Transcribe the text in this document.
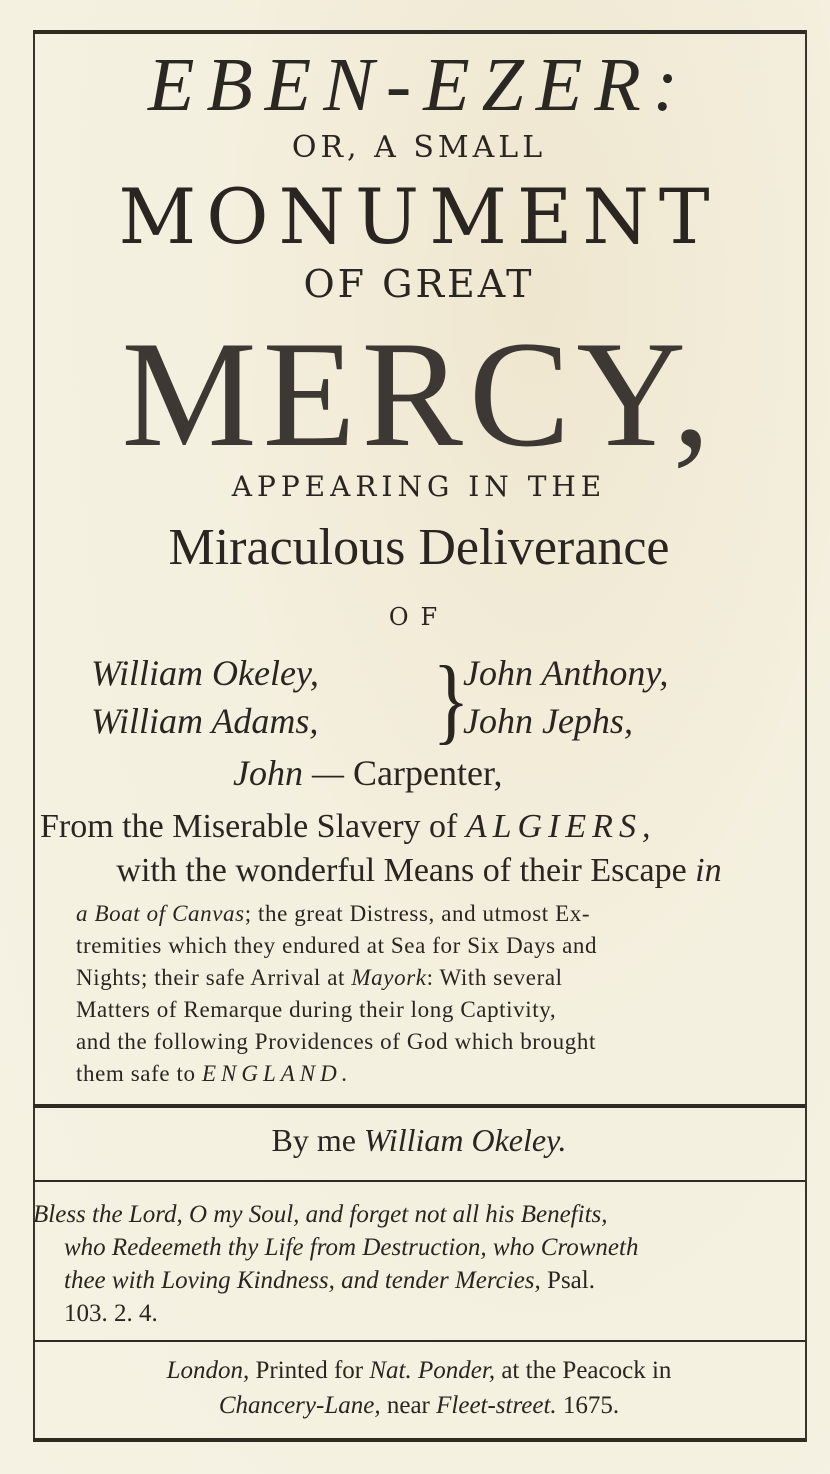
EBEN-EZER:
OR, A SMALL
MONUMENT
OF GREAT
MERCY,
APPEARING IN THE
Miraculous Deliverance
OF
William Okeley,
William Adams, }
John Anthony,
John Jephs,
John — Carpenter,
From the Miserable Slavery of ALGIERS,
with the wonderful Means of their Escape in
a Boat of Canvas; the great Distress, and utmost Ex-
tremities which they endured at Sea for Six Days and
Nights; their safe Arrival at Mayork: With several
Matters of Remarque during their long Captivity,
and the following Providences of God which brought
them safe to ENGLAND.
By me William Okeley.
Bless the Lord, O my Soul, and forget not all his Benefits,
who Redeemeth thy Life from Destruction, who Crowneth
thee with Loving Kindness, and tender Mercies, Psal.
103. 2. 4.
London, Printed for Nat. Ponder, at the Peacock in
Chancery-Lane, near Fleet-street. 1675.
